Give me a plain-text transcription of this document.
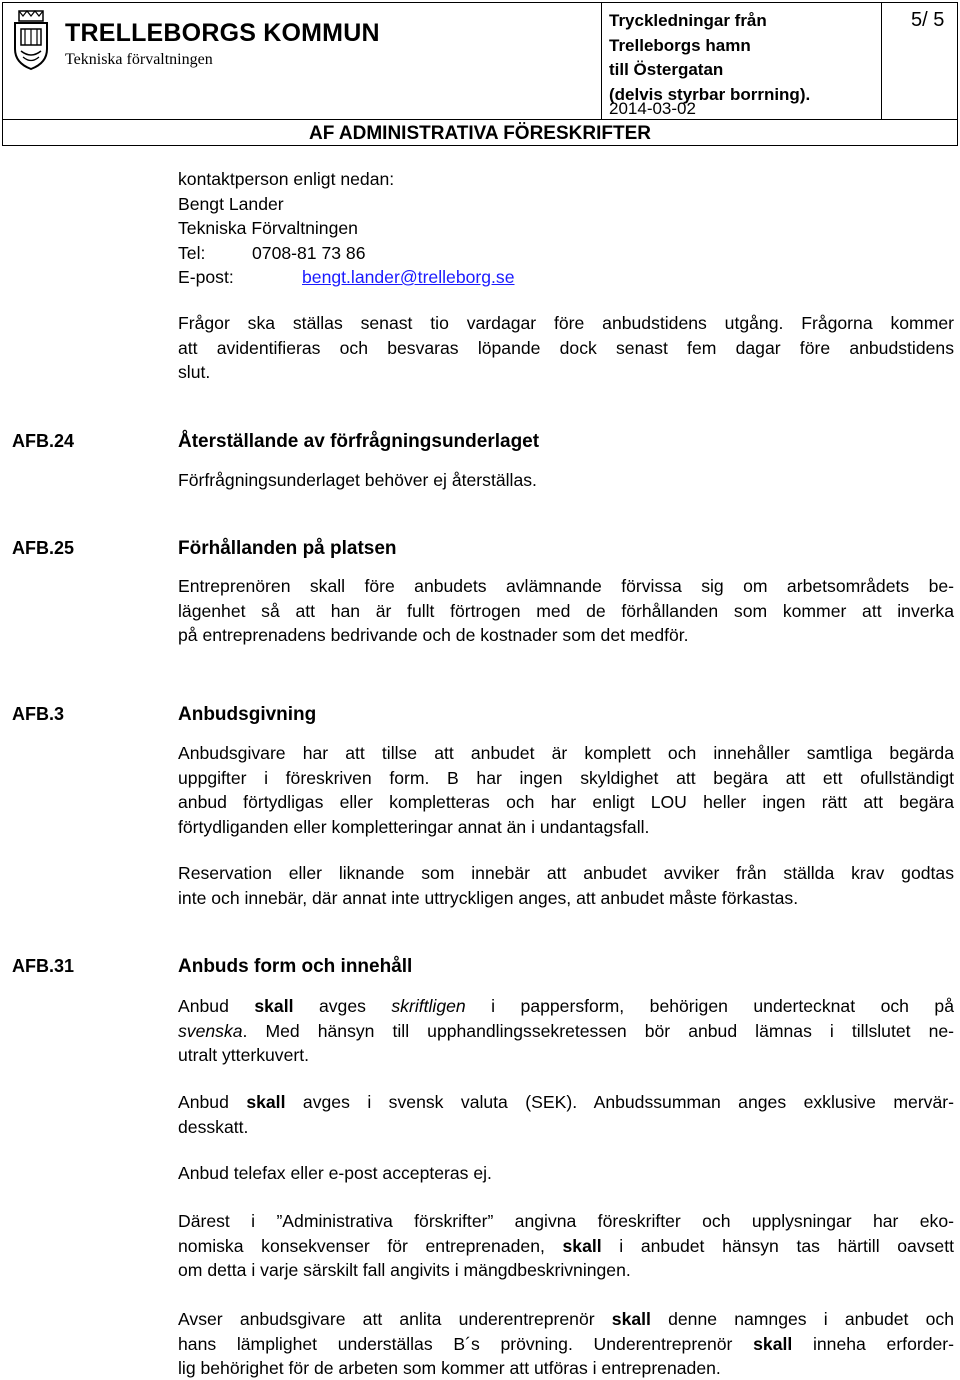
TRELLEBORGS KOMMUN
Tekniska förvaltningen
Tryckledningar från
Trelleborgs hamn
till Östergatan
(delvis styrbar borrning).
2014-03-02
5/ 5
AF ADMINISTRATIVA FÖRESKRIFTER
kontaktperson enligt nedan:
Bengt Lander
Tekniska Förvaltningen
Tel:	0708-81 73 86
E-post:	bengt.lander@trelleborg.se
Frågor ska ställas senast tio vardagar före anbudstidens utgång. Frågorna kommer
att avidentifieras och besvaras löpande dock senast fem dagar före anbudstidens
slut.
AFB.24	Återställande av förfrågningsunderlaget
Förfrågningsunderlaget behöver ej återställas.
AFB.25	Förhållanden på platsen
Entreprenören skall före anbudets avlämnande förvissa sig om arbetsområdets be-
lägenhet så att han är fullt förtrogen med de förhållanden som kommer att inverka
på entreprenadens bedrivande och de kostnader som det medför.
AFB.3	Anbudsgivning
Anbudsgivare har att tillse att anbudet är komplett och innehåller samtliga begärda
uppgifter i föreskriven form. B har ingen skyldighet att begära att ett ofullständigt
anbud förtydligas eller kompletteras och har enligt LOU heller ingen rätt att begära
förtydliganden eller kompletteringar annat än i undantagsfall.
Reservation eller liknande som innebär att anbudet avviker från ställda krav godtas
inte och innebär, där annat inte uttryckligen anges, att anbudet måste förkastas.
AFB.31	Anbuds form och innehåll
Anbud skall avges skriftligen i pappersform, behörigen undertecknat och på
svenska. Med hänsyn till upphandlingssekretessen bör anbud lämnas i tillslutet ne-
utralt ytterkuvert.
Anbud skall avges i svensk valuta (SEK). Anbudssumman anges exklusive mervär-
desskatt.
Anbud telefax eller e-post accepteras ej.
Därest i ”Administrativa förskrifter” angivna föreskrifter och upplysningar har eko-
nomiska konsekvenser för entreprenaden, skall i anbudet hänsyn tas härtill oavsett
om detta i varje särskilt fall angivits i mängdbeskrivningen.
Avser anbudsgivare att anlita underentreprenör skall denne namnges i anbudet och
hans lämplighet underställas B´s prövning. Underentreprenör skall inneha erforder-
lig behörighet för de arbeten som kommer att utföras i entreprenaden.
